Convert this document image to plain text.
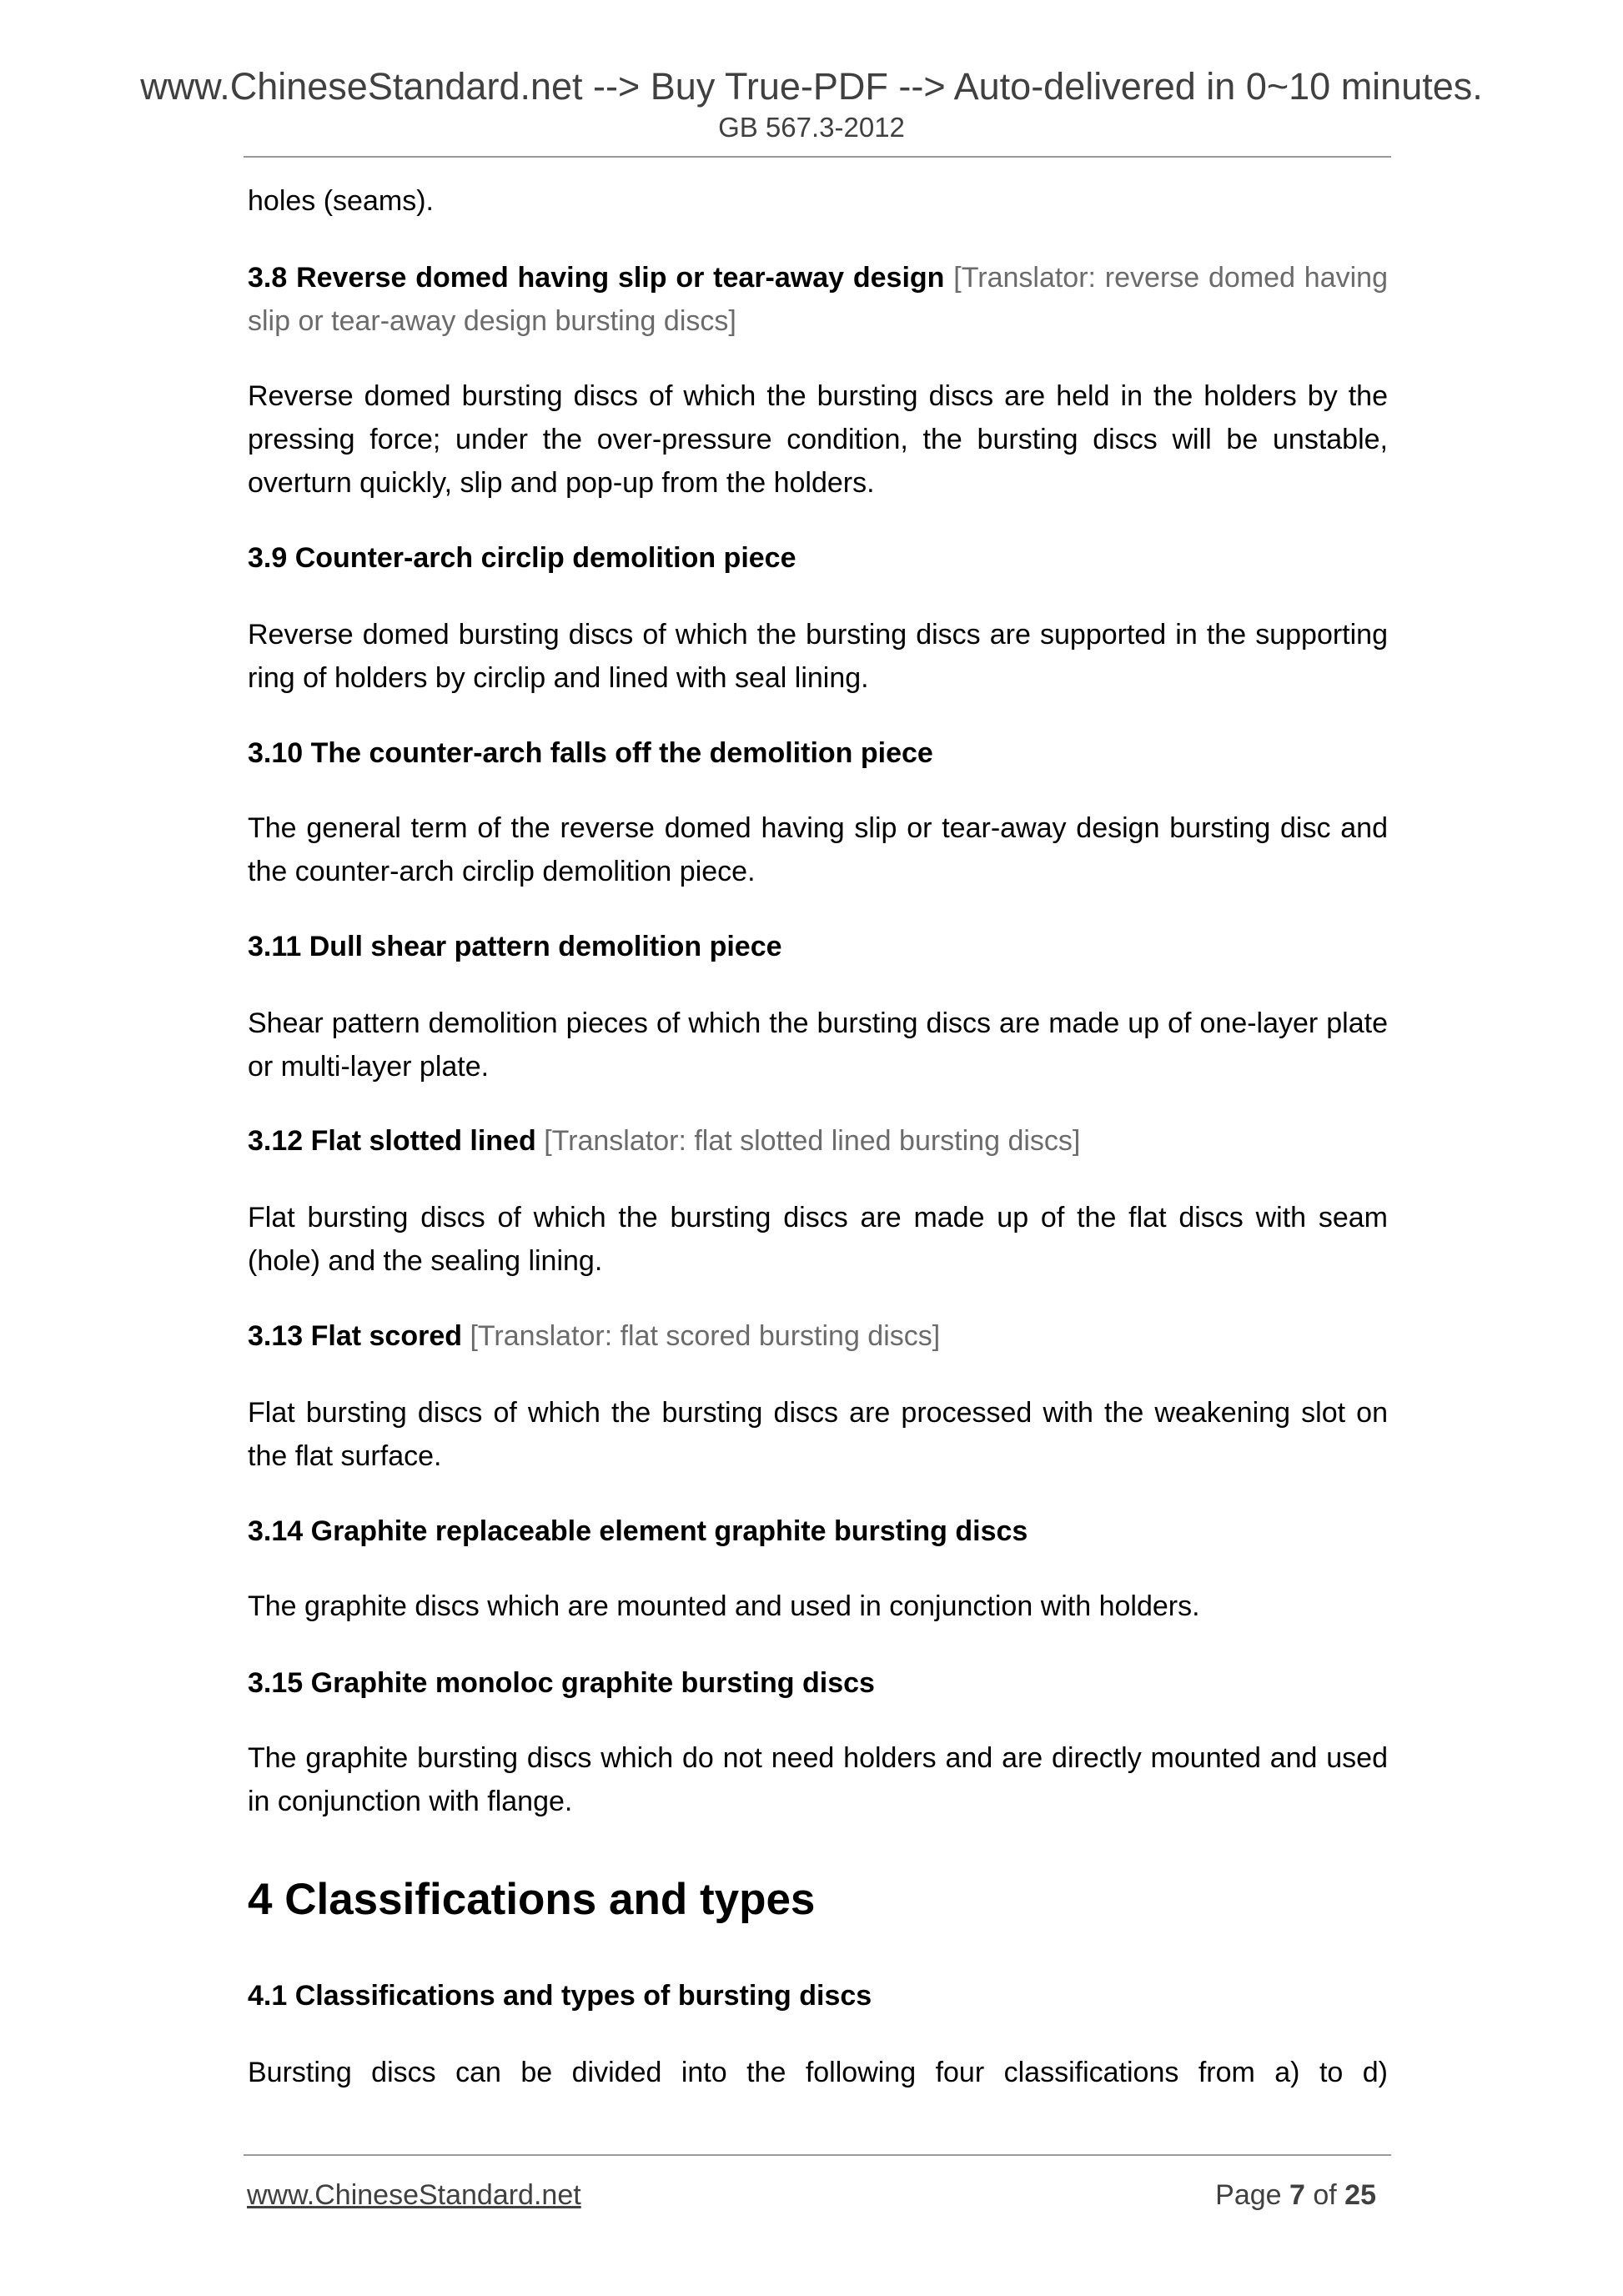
www.ChineseStandard.net --> Buy True-PDF --> Auto-delivered in 0~10 minutes.
GB 567.3-2012
holes (seams).
3.8 Reverse domed having slip or tear-away design [Translator: reverse domed having slip or tear-away design bursting discs]
Reverse domed bursting discs of which the bursting discs are held in the holders by the pressing force; under the over-pressure condition, the bursting discs will be unstable, overturn quickly, slip and pop-up from the holders.
3.9 Counter-arch circlip demolition piece
Reverse domed bursting discs of which the bursting discs are supported in the supporting ring of holders by circlip and lined with seal lining.
3.10 The counter-arch falls off the demolition piece
The general term of the reverse domed having slip or tear-away design bursting disc and the counter-arch circlip demolition piece.
3.11 Dull shear pattern demolition piece
Shear pattern demolition pieces of which the bursting discs are made up of one-layer plate or multi-layer plate.
3.12 Flat slotted lined [Translator: flat slotted lined bursting discs]
Flat bursting discs of which the bursting discs are made up of the flat discs with seam (hole) and the sealing lining.
3.13 Flat scored [Translator: flat scored bursting discs]
Flat bursting discs of which the bursting discs are processed with the weakening slot on the flat surface.
3.14 Graphite replaceable element graphite bursting discs
The graphite discs which are mounted and used in conjunction with holders.
3.15 Graphite monoloc graphite bursting discs
The graphite bursting discs which do not need holders and are directly mounted and used in conjunction with flange.
4 Classifications and types
4.1 Classifications and types of bursting discs
Bursting discs can be divided into the following four classifications from a) to d)
www.ChineseStandard.net	Page 7 of 25
